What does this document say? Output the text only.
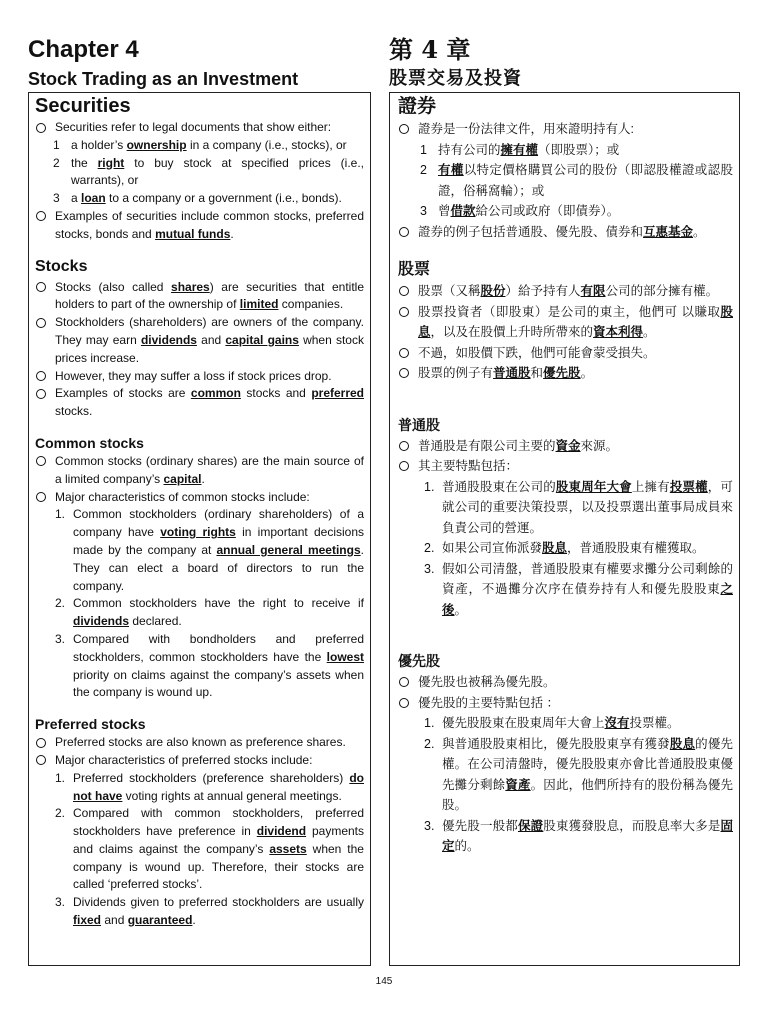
Chapter 4
Stock Trading as an Investment
Securities
Securities refer to legal documents that show either:
1 a holder’s ownership in a company (i.e., stocks), or
2 the right to buy stock at specified prices (i.e., warrants), or
3 a loan to a company or a government (i.e., bonds).
Examples of securities include common stocks, preferred stocks, bonds and mutual funds.
Stocks
Stocks (also called shares) are securities that entitle holders to part of the ownership of limited companies.
Stockholders (shareholders) are owners of the company. They may earn dividends and capital gains when stock prices increase.
However, they may suffer a loss if stock prices drop.
Examples of stocks are common stocks and preferred stocks.
Common stocks
Common stocks (ordinary shares) are the main source of a limited company’s capital.
Major characteristics of common stocks include:
1. Common stockholders (ordinary shareholders) of a company have voting rights in important decisions made by the company at annual general meetings. They can elect a board of directors to run the company.
2. Common stockholders have the right to receive if dividends declared.
3. Compared with bondholders and preferred stockholders, common stockholders have the lowest priority on claims against the company’s assets when the company is wound up.
Preferred stocks
Preferred stocks are also known as preference shares.
Major characteristics of preferred stocks include:
1. Preferred stockholders (preference shareholders) do not have voting rights at annual general meetings.
2. Compared with common stockholders, preferred stockholders have preference in dividend payments and claims against the company’s assets when the company is wound up. Therefore, their stocks are called ‘preferred stocks’.
3. Dividends given to preferred stockholders are usually fixed and guaranteed.
第 4 章
股票交易及投資
證券
證券是一份法律文件，用來證明持有人:
1 持有公司的擁有權（即股票）；或
2 有權以特定價格購買公司的股份（即認股權證或認股證，俗稱窩輪）；或
3 曾借款給公司或政府（即債券）。
證券的例子包括普通股、優先股、債券和互惠基金。
股票
股票（又稱股份）給予持有人有限公司的部分擁有權。
股票投資者（即股東）是公司的東主，他們可 以賺取股息，以及在股價上升時所帶來的資本利得。
不過，如股價下跌，他們可能會蒙受損失。
股票的例子有普通股和優先股。
普通股
普通股是有限公司主要的資金來源。
其主要特點包括：
1. 普通股股東在公司的股東周年大會上擁有投票權，可就公司的重要決策投票，以及投票選出董事局成員來負責公司的營運。
2. 如果公司宣佈派發股息，普通股股東有權獲取。
3. 假如公司清盤，普通股股東有權要求攤分公司剩餘的資產，不過攤分次序在債券持有人和優先股股東之後。
優先股
優先股也被稱為優先股。
優先股的主要特點包括 ：
1. 優先股股東在股東周年大會上沒有投票權。
2. 與普通股股東相比，優先股股東享有獲發股息的優先權。在公司清盤時，優先股股東亦會比普通股股東優先攤分剩餘資產。因此，他們所持有的股份稱為優先股。
3. 優先股一般都保證股東獲發股息，而股息率大多是固定的。
145
